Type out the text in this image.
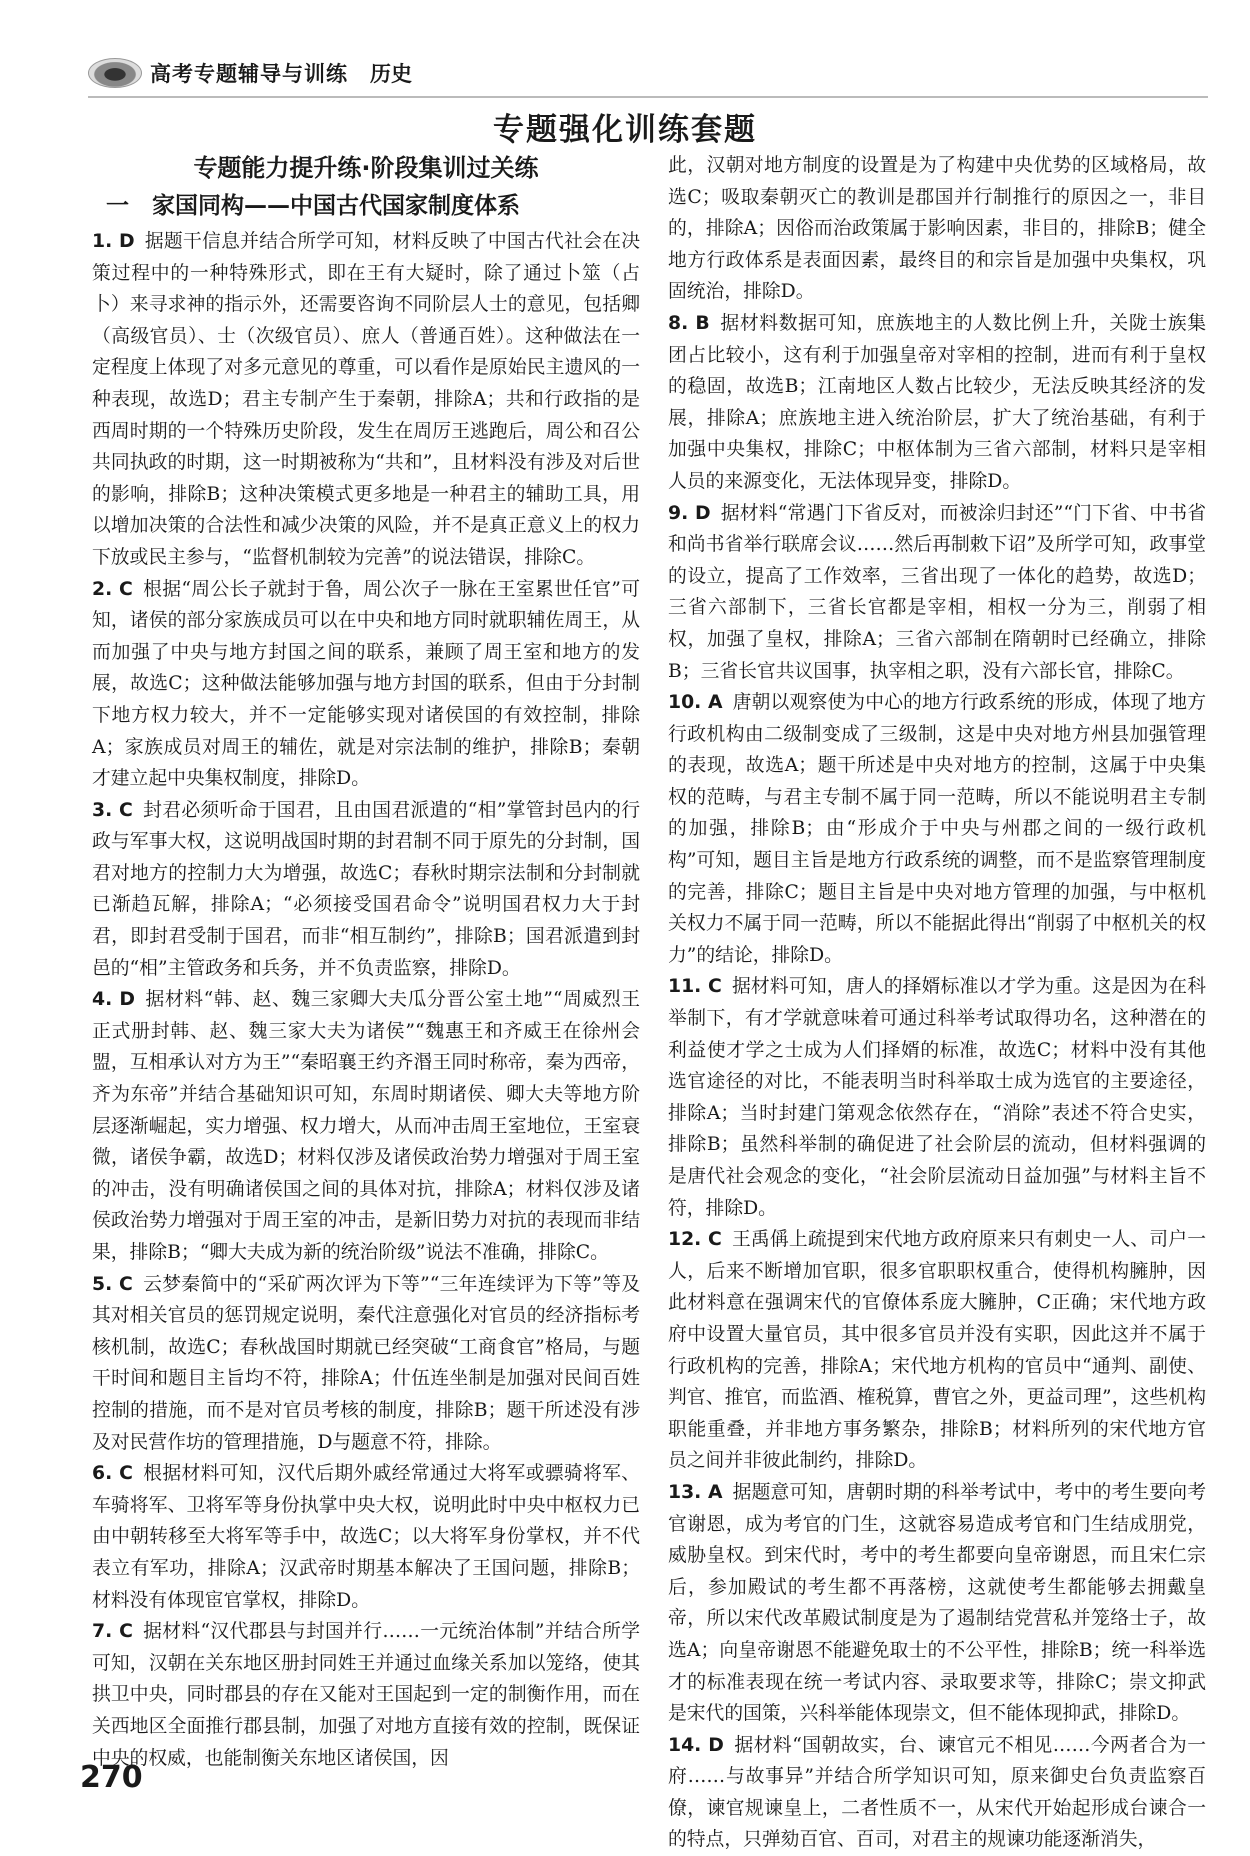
高考专题辅导与训练 历史
专题强化训练套题
专题能力提升练·阶段集训过关练
一　家国同构——中国古代国家制度体系

1. D 据题干信息并结合所学可知，材料反映了中国古代社会在决策过程中的一种特殊形式，即在王有大疑时，除了通过卜筮（占卜）来寻求神的指示外，还需要咨询不同阶层人士的意见，包括卿（高级官员）、士（次级官员）、庶人（普通百姓）。这种做法在一定程度上体现了对多元意见的尊重，可以看作是原始民主遗风的一种表现，故选D；君主专制产生于秦朝，排除A；共和行政指的是西周时期的一个特殊历史阶段，发生在周厉王逃跑后，周公和召公共同执政的时期，这一时期被称为“共和”，且材料没有涉及对后世的影响，排除B；这种决策模式更多地是一种君主的辅助工具，用以增加决策的合法性和减少决策的风险，并不是真正意义上的权力下放或民主参与，“监督机制较为完善”的说法错误，排除C。

2. C 根据“周公长子就封于鲁，周公次子一脉在王室累世任官”可知，诸侯的部分家族成员可以在中央和地方同时就职辅佐周王，从而加强了中央与地方封国之间的联系，兼顾了周王室和地方的发展，故选C；这种做法能够加强与地方封国的联系，但由于分封制下地方权力较大，并不一定能够实现对诸侯国的有效控制，排除A；家族成员对周王的辅佐，就是对宗法制的维护，排除B；秦朝才建立起中央集权制度，排除D。

3. C 封君必须听命于国君，且由国君派遣的“相”掌管封邑内的行政与军事大权，这说明战国时期的封君制不同于原先的分封制，国君对地方的控制力大为增强，故选C；春秋时期宗法制和分封制就已渐趋瓦解，排除A；“必须接受国君命令”说明国君权力大于封君，即封君受制于国君，而非“相互制约”，排除B；国君派遣到封邑的“相”主管政务和兵务，并不负责监察，排除D。

4. D 据材料“韩、赵、魏三家卿大夫瓜分晋公室土地”“周威烈王正式册封韩、赵、魏三家大夫为诸侯”“魏惠王和齐威王在徐州会盟，互相承认对方为王”“秦昭襄王约齐湣王同时称帝，秦为西帝，齐为东帝”并结合基础知识可知，东周时期诸侯、卿大夫等地方阶层逐渐崛起，实力增强、权力增大，从而冲击周王室地位，王室衰微，诸侯争霸，故选D；材料仅涉及诸侯政治势力增强对于周王室的冲击，没有明确诸侯国之间的具体对抗，排除A；材料仅涉及诸侯政治势力增强对于周王室的冲击，是新旧势力对抗的表现而非结果，排除B；“卿大夫成为新的统治阶级”说法不准确，排除C。

5. C 云梦秦简中的“采矿两次评为下等”“三年连续评为下等”等及其对相关官员的惩罚规定说明，秦代注意强化对官员的经济指标考核机制，故选C；春秋战国时期就已经突破“工商食官”格局，与题干时间和题目主旨均不符，排除A；什伍连坐制是加强对民间百姓控制的措施，而不是对官员考核的制度，排除B；题干所述没有涉及对民营作坊的管理措施，D与题意不符，排除。

6. C 根据材料可知，汉代后期外戚经常通过大将军或骠骑将军、车骑将军、卫将军等身份执掌中央大权，说明此时中央中枢权力已由中朝转移至大将军等手中，故选C；以大将军身份掌权，并不代表立有军功，排除A；汉武帝时期基本解决了王国问题，排除B；材料没有体现宦官掌权，排除D。

7. C 据材料“汉代郡县与封国并行……一元统治体制”并结合所学可知，汉朝在关东地区册封同姓王并通过血缘关系加以笼络，使其拱卫中央，同时郡县的存在又能对王国起到一定的制衡作用，而在关西地区全面推行郡县制，加强了对地方直接有效的控制，既保证中央的权威，也能制衡关东地区诸侯国，因

此，汉朝对地方制度的设置是为了构建中央优势的区域格局，故选C；吸取秦朝灭亡的教训是郡国并行制推行的原因之一，非目的，排除A；因俗而治政策属于影响因素，非目的，排除B；健全地方行政体系是表面因素，最终目的和宗旨是加强中央集权，巩固统治，排除D。

8. B 据材料数据可知，庶族地主的人数比例上升，关陇士族集团占比较小，这有利于加强皇帝对宰相的控制，进而有利于皇权的稳固，故选B；江南地区人数占比较少，无法反映其经济的发展，排除A；庶族地主进入统治阶层，扩大了统治基础，有利于加强中央集权，排除C；中枢体制为三省六部制，材料只是宰相人员的来源变化，无法体现异变，排除D。

9. D 据材料“常遇门下省反对，而被涂归封还”“门下省、中书省和尚书省举行联席会议……然后再制敕下诏”及所学可知，政事堂的设立，提高了工作效率，三省出现了一体化的趋势，故选D；三省六部制下，三省长官都是宰相，相权一分为三，削弱了相权，加强了皇权，排除A；三省六部制在隋朝时已经确立，排除B；三省长官共议国事，执宰相之职，没有六部长官，排除C。

10. A 唐朝以观察使为中心的地方行政系统的形成，体现了地方行政机构由二级制变成了三级制，这是中央对地方州县加强管理的表现，故选A；题干所述是中央对地方的控制，这属于中央集权的范畴，与君主专制不属于同一范畴，所以不能说明君主专制的加强，排除B；由“形成介于中央与州郡之间的一级行政机构”可知，题目主旨是地方行政系统的调整，而不是监察管理制度的完善，排除C；题目主旨是中央对地方管理的加强，与中枢机关权力不属于同一范畴，所以不能据此得出“削弱了中枢机关的权力”的结论，排除D。

11. C 据材料可知，唐人的择婿标准以才学为重。这是因为在科举制下，有才学就意味着可通过科举考试取得功名，这种潜在的利益使才学之士成为人们择婿的标准，故选C；材料中没有其他选官途径的对比，不能表明当时科举取士成为选官的主要途径，排除A；当时封建门第观念依然存在，“消除”表述不符合史实，排除B；虽然科举制的确促进了社会阶层的流动，但材料强调的是唐代社会观念的变化，“社会阶层流动日益加强”与材料主旨不符，排除D。

12. C 王禹偁上疏提到宋代地方政府原来只有刺史一人、司户一人，后来不断增加官职，很多官职职权重合，使得机构臃肿，因此材料意在强调宋代的官僚体系庞大臃肿，C正确；宋代地方政府中设置大量官员，其中很多官员并没有实职，因此这并不属于行政机构的完善，排除A；宋代地方机构的官员中“通判、副使、判官、推官，而监酒、榷税算，曹官之外，更益司理”，这些机构职能重叠，并非地方事务繁杂，排除B；材料所列的宋代地方官员之间并非彼此制约，排除D。

13. A 据题意可知，唐朝时期的科举考试中，考中的考生要向考官谢恩，成为考官的门生，这就容易造成考官和门生结成朋党，威胁皇权。到宋代时，考中的考生都要向皇帝谢恩，而且宋仁宗后，参加殿试的考生都不再落榜，这就使考生都能够去拥戴皇帝，所以宋代改革殿试制度是为了遏制结党营私并笼络士子，故选A；向皇帝谢恩不能避免取士的不公平性，排除B；统一科举选才的标准表现在统一考试内容、录取要求等，排除C；崇文抑武是宋代的国策，兴科举能体现崇文，但不能体现抑武，排除D。

14. D 据材料“国朝故实，台、谏官元不相见……今两者合为一府……与故事异”并结合所学知识可知，原来御史台负责监察百僚，谏官规谏皇上，二者性质不一，从宋代开始起形成台谏合一的特点，只弹劾百官、百司，对君主的规谏功能逐渐消失，

270
